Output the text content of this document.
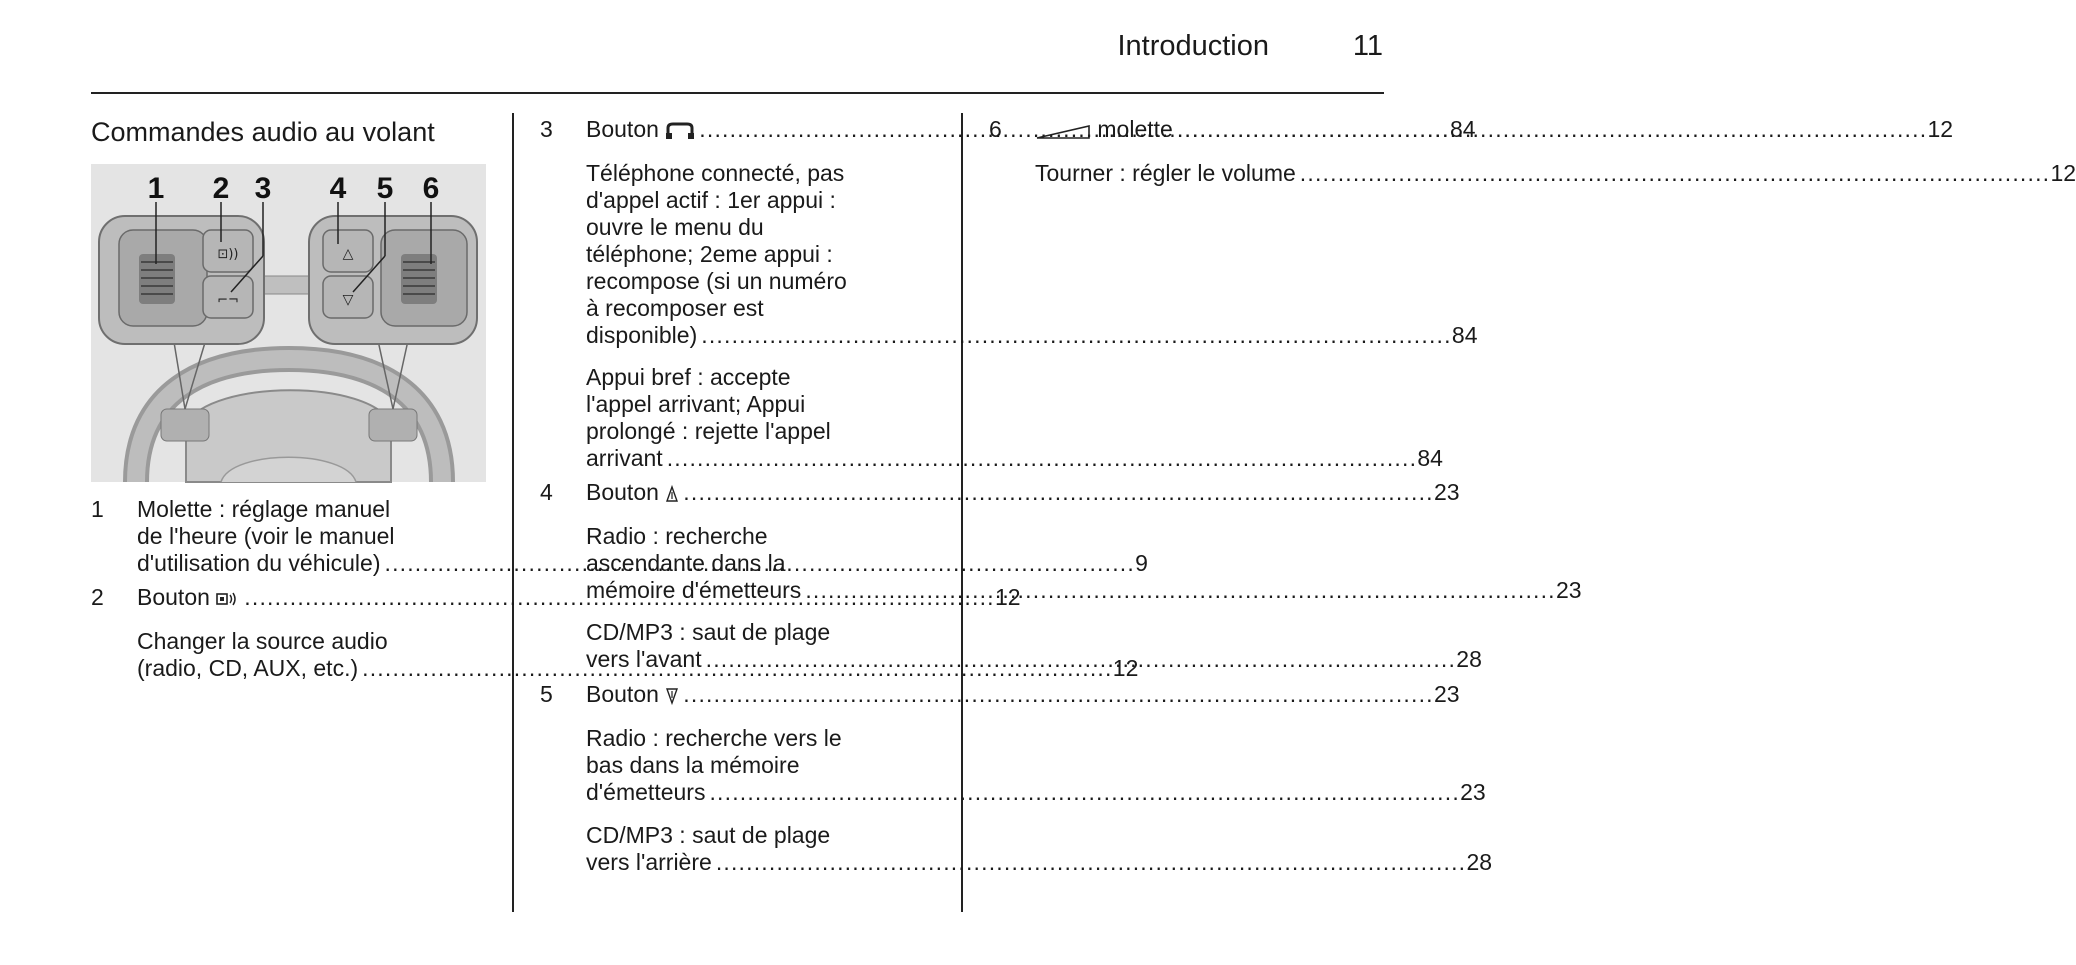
Introduction	11
Commandes audio au volant
⊡))
⌐¬
△
▽
1 2 3 4 5 6
1	Molette : réglage manuel
de l'heure (voir le manuel
d'utilisation du véhicule) . . .	9
2	Bouton . . .	12
Changer la source audio
(radio, CD, AUX, etc.) . . .	12
3	Bouton . . .	84
Téléphone connecté, pas
d'appel actif : 1er appui :
ouvre le menu du
téléphone; 2eme appui :
recompose (si un numéro
à recomposer est
disponible) . . .	84
Appui bref : accepte
l'appel arrivant; Appui
prolongé : rejette l'appel
arrivant . . .	84
4	Bouton . . .	23
Radio : recherche
ascendante dans la
mémoire d'émetteurs . . .	23
CD/MP3 : saut de plage
vers l'avant . . .	28
5	Bouton . . .	23
Radio : recherche vers le
bas dans la mémoire
d'émetteurs . . .	23
CD/MP3 : saut de plage
vers l'arrière . . .	28
6	molette . . .	12
Tourner : régler le volume . . .	12
